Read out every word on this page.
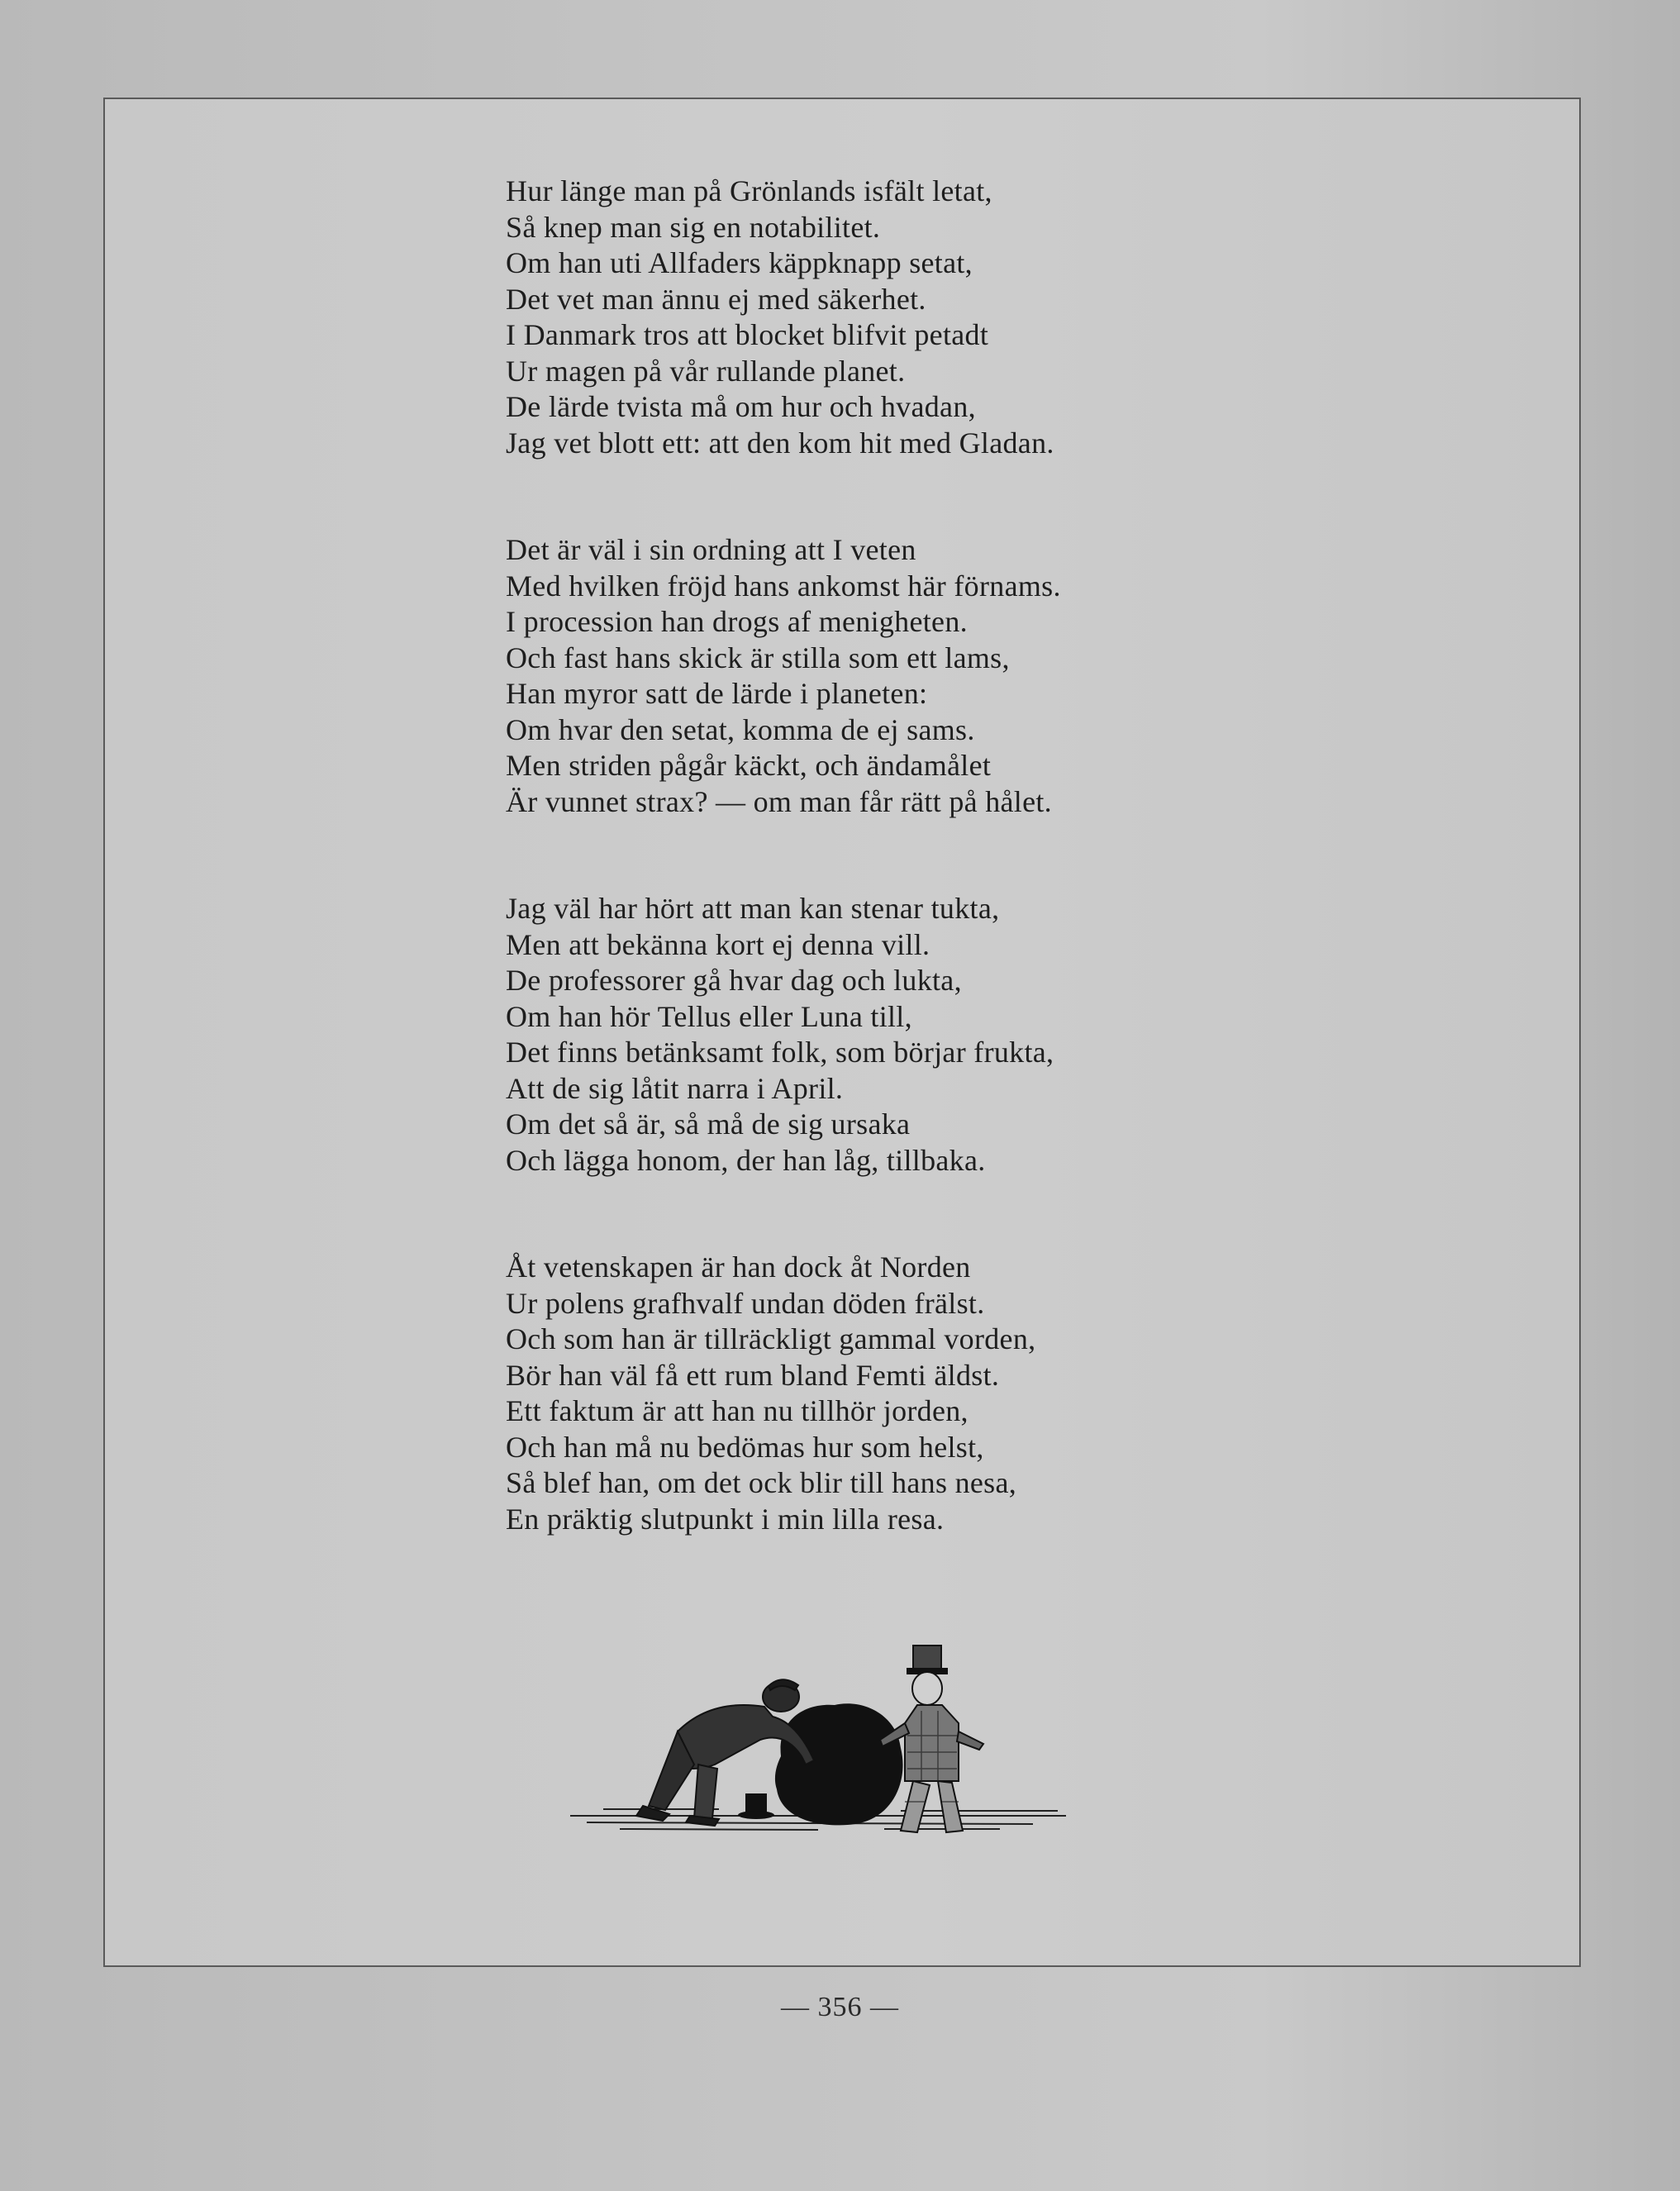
Hur länge man på Grönlands isfält letat,
Så knep man sig en notabilitet.
Om han uti Allfaders käppknapp setat,
Det vet man ännu ej med säkerhet.
I Danmark tros att blocket blifvit petadt
Ur magen på vår rullande planet.
De lärde tvista må om hur och hvadan,
Jag vet blott ett: att den kom hit med Gladan.
Det är väl i sin ordning att I veten
Med hvilken fröjd hans ankomst här förnams.
I procession han drogs af menigheten.
Och fast hans skick är stilla som ett lams,
Han myror satt de lärde i planeten:
Om hvar den setat, komma de ej sams.
Men striden pågår käckt, och ändamålet
Är vunnet strax? — om man får rätt på hålet.
Jag väl har hört att man kan stenar tukta,
Men att bekänna kort ej denna vill.
De professorer gå hvar dag och lukta,
Om han hör Tellus eller Luna till,
Det finns betänksamt folk, som börjar frukta,
Att de sig låtit narra i April.
Om det så är, så må de sig ursaka
Och lägga honom, der han låg, tillbaka.
Åt vetenskapen är han dock åt Norden
Ur polens grafhvalf undan döden frälst.
Och som han är tillräckligt gammal vorden,
Bör han väl få ett rum bland Femti äldst.
Ett faktum är att han nu tillhör jorden,
Och han må nu bedömas hur som helst,
Så blef han, om det ock blir till hans nesa,
En präktig slutpunkt i min lilla resa.
— 356 —
